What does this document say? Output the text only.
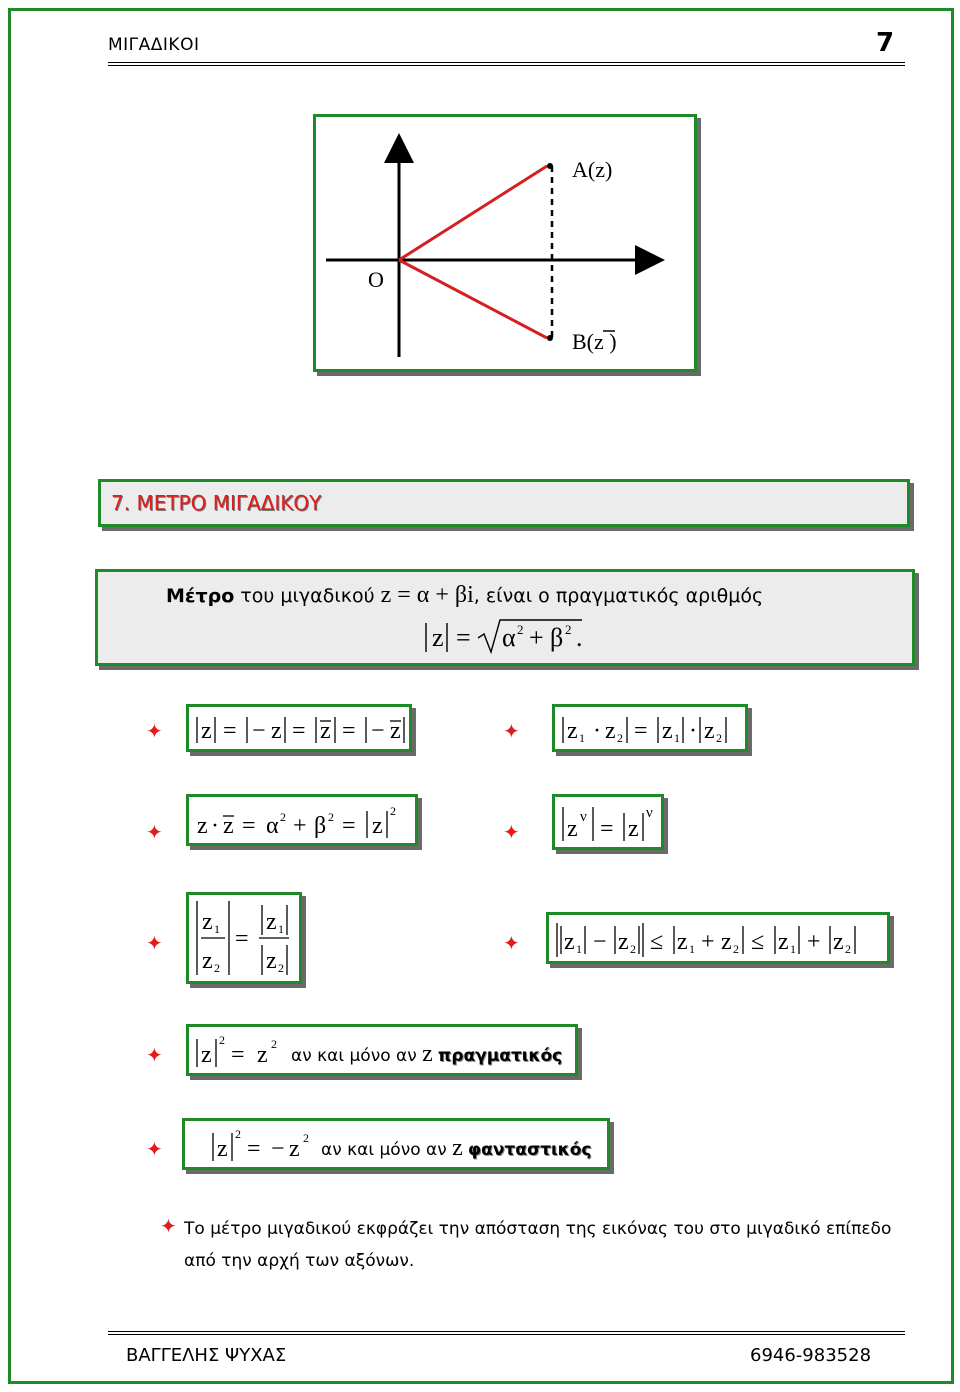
ΜΙΓΑΔΙΚΟΙ	7
A(z)
O
B(z )
7. ΜΕΤΡΟ ΜΙΓΑΔΙΚΟΥ
Μέτρο του μιγαδικού z = α + βi, είναι ο πραγματικός αριθμός
z = α 2 + β 2 .
✦ z = − z = z = − z	✦ z 1 · z 2 = z 1 · z 2
✦ z · z = α 2 + β 2 = z
2
✦ z ν = z
ν
✦
z 1
z 2
=
z 1
z 2
✦ z 1 − z 2 ≤ z 1 + z 2 ≤ z 1 + z 2
✦ z
2
= z 2
αν και μόνο αν z πραγματικός
✦ z
2
= − z 2
αν και μόνο αν z φανταστικός
✦ Το μέτρο μιγαδικού εκφράζει την απόσταση της εικόνας του στο μιγαδικό επίπεδο από την αρχή των αξόνων.
ΒΑΓΓΕΛΗΣ ΨΥΧΑΣ	6946-983528
